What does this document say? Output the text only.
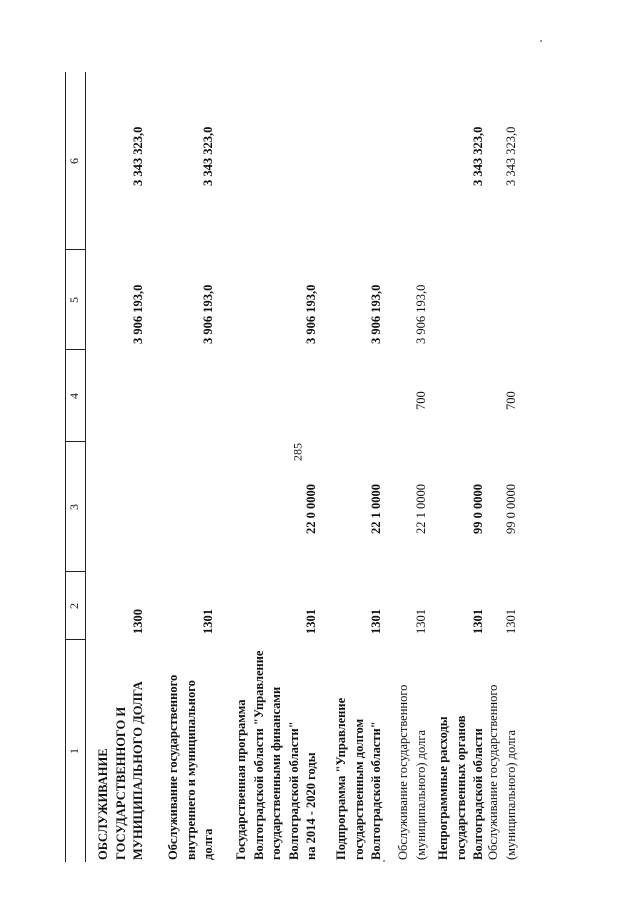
285
1
2
3
4
5
6
ОБСЛУЖИВАНИЕ ГОСУДАРСТВЕННОГО И МУНИЦИПАЛЬНОГО ДОЛГА
1300
3 906 193,0
3 343 323,0
Обслуживание государственного внутреннего и муниципального долга
1301
3 906 193,0
3 343 323,0
Государственная программа Волгоградской области "Управление государственными финансами Волгоградской области" на 2014 - 2020 годы
1301
22 0 0000
3 906 193,0
Подпрограмма "Управление государственным долгом Волгоградской области"
1301
22 1 0000
3 906 193,0
Обслуживание государственного (муниципального) долга
1301
22 1 0000
700
3 906 193,0
Непрограммные расходы государственных органов Волгоградской области
1301
99 0 0000
3 343 323,0
Обслуживание государственного (муниципального) долга
1301
99 0 0000
700
3 343 323,0
